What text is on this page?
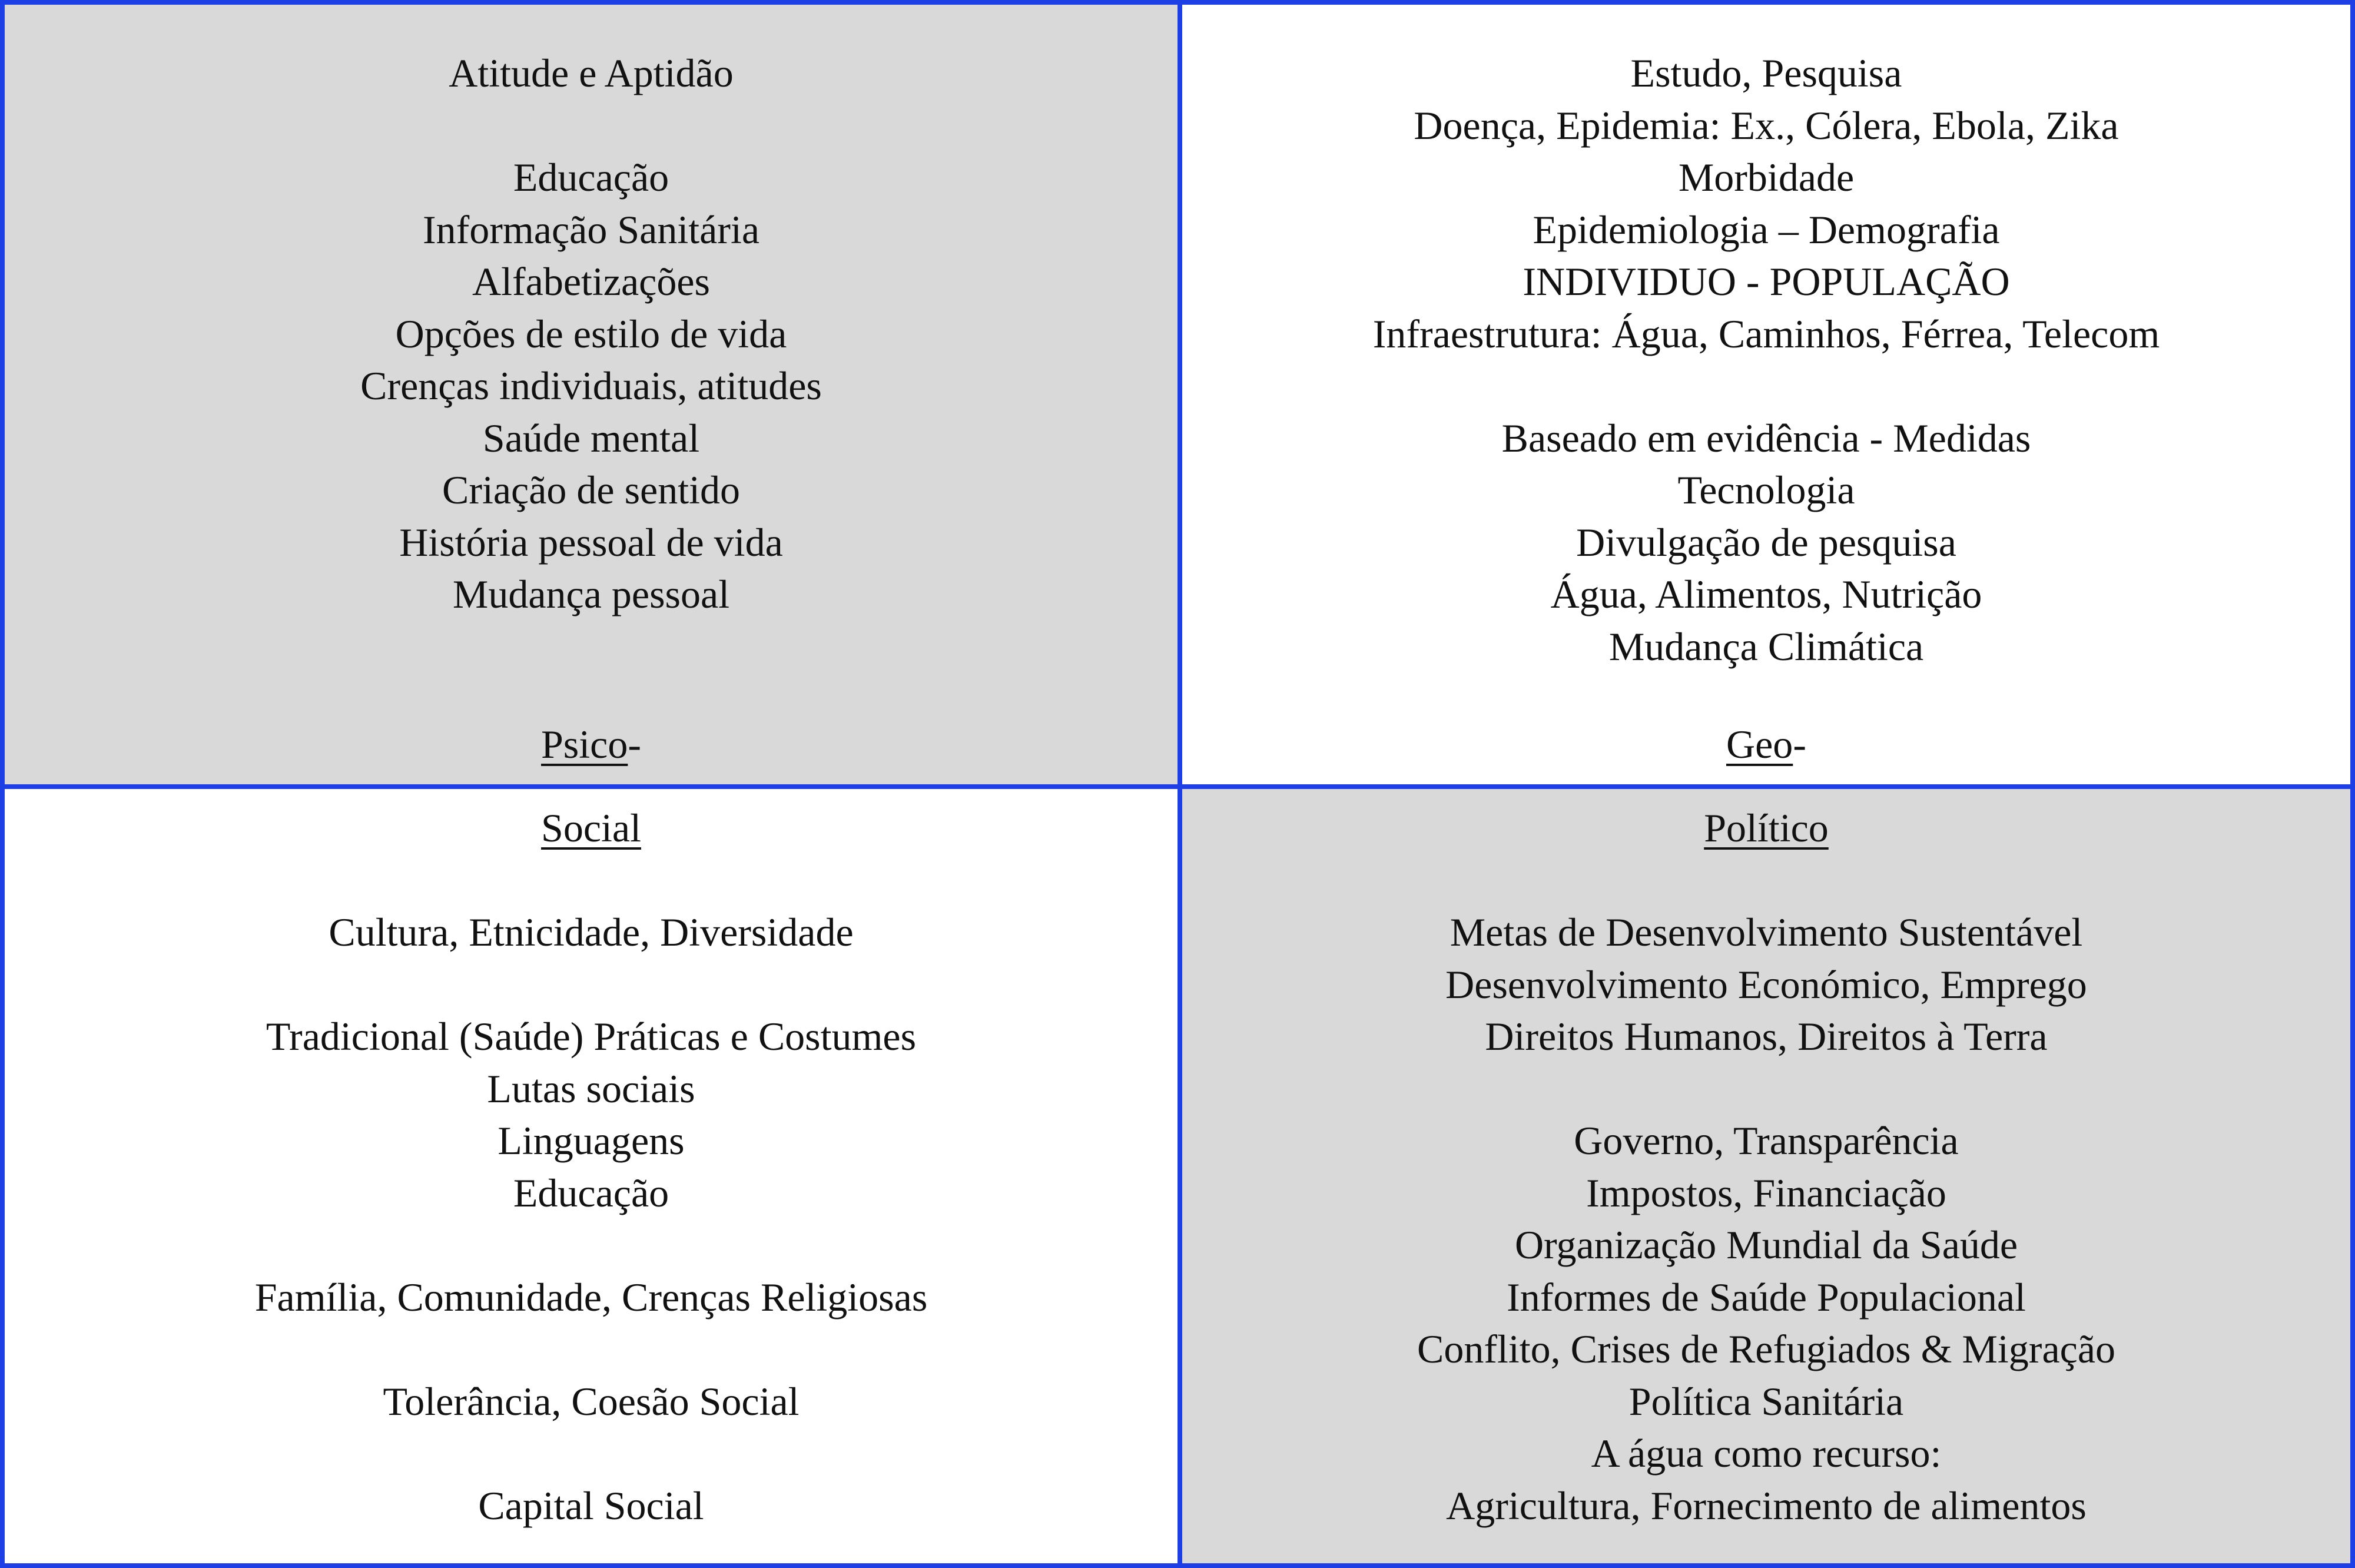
Atitude e Aptidão
Educação
Informação Sanitária
Alfabetizações
Opções de estilo de vida
Crenças individuais, atitudes
Saúde mental
Criação de sentido
História pessoal de vida
Mudança pessoal
Psico-
Estudo, Pesquisa
Doença, Epidemia: Ex., Cólera, Ebola, Zika
Morbidade
Epidemiologia – Demografia
INDIVIDUO - POPULAÇÃO
Infraestrutura: Água, Caminhos, Férrea, Telecom
Baseado em evidência - Medidas
Tecnologia
Divulgação de pesquisa
Água, Alimentos, Nutrição
Mudança Climática
Geo-
Social
Cultura, Etnicidade, Diversidade
Tradicional (Saúde) Práticas e Costumes
Lutas sociais
Linguagens
Educação
Família, Comunidade, Crenças Religiosas
Tolerância, Coesão Social
Capital Social
Político
Metas de Desenvolvimento Sustentável
Desenvolvimento Económico, Emprego
Direitos Humanos, Direitos à Terra
Governo, Transparência
Impostos, Financiação
Organização Mundial da Saúde
Informes de Saúde Populacional
Conflito, Crises de Refugiados & Migração
Política Sanitária
A água como recurso:
Agricultura, Fornecimento de alimentos
